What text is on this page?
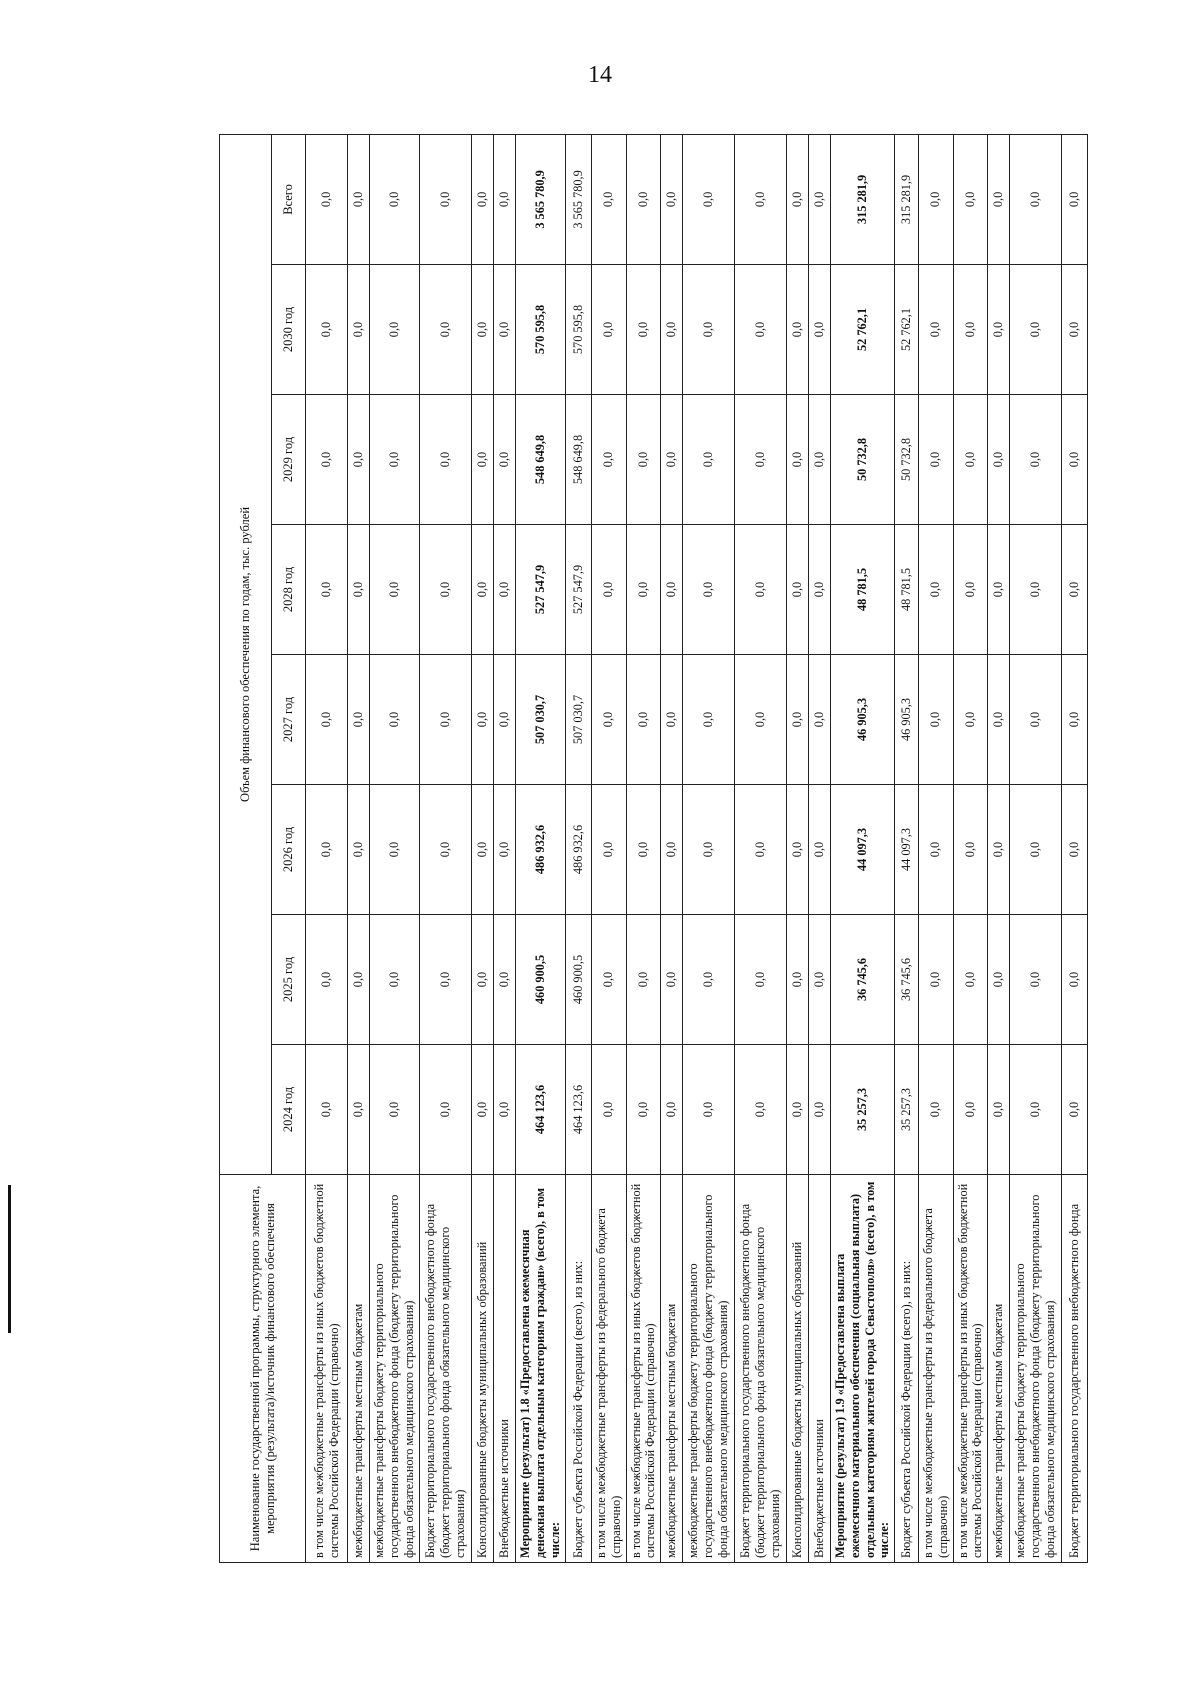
14
Наименование государственной программы, структурного элемента, мероприятия (результата)/источник финансового обеспечения	Объем финансового обеспечения по годам, тыс. рублей							
	2024 год	2025 год	2026 год	2027 год	2028 год	2029 год	2030 год	Всего
в том числе межбюджетные трансферты из иных бюджетов бюджетной системы Российской Федерации (справочно)	0,0	0,0	0,0	0,0	0,0	0,0	0,0	0,0
межбюджетные трансферты местным бюджетам	0,0	0,0	0,0	0,0	0,0	0,0	0,0	0,0
межбюджетные трансферты бюджету территориального государственного внебюджетного фонда (бюджету территориального фонда обязательного медицинского страхования)	0,0	0,0	0,0	0,0	0,0	0,0	0,0	0,0
Бюджет территориального государственного внебюджетного фонда (бюджет территориального фонда обязательного медицинского страхования)	0,0	0,0	0,0	0,0	0,0	0,0	0,0	0,0
Консолидированные бюджеты муниципальных образований	0,0	0,0	0,0	0,0	0,0	0,0	0,0	0,0
Внебюджетные источники	0,0	0,0	0,0	0,0	0,0	0,0	0,0	0,0
Мероприятие (результат) 1.8 «Предоставлена ежемесячная денежная выплата отдельным категориям граждан» (всего), в том числе:	464 123,6	460 900,5	486 932,6	507 030,7	527 547,9	548 649,8	570 595,8	3 565 780,9
Бюджет субъекта Российской Федерации (всего), из них:	464 123,6	460 900,5	486 932,6	507 030,7	527 547,9	548 649,8	570 595,8	3 565 780,9
в том числе межбюджетные трансферты из федерального бюджета (справочно)	0,0	0,0	0,0	0,0	0,0	0,0	0,0	0,0
в том числе межбюджетные трансферты из иных бюджетов бюджетной системы Российской Федерации (справочно)	0,0	0,0	0,0	0,0	0,0	0,0	0,0	0,0
межбюджетные трансферты местным бюджетам	0,0	0,0	0,0	0,0	0,0	0,0	0,0	0,0
межбюджетные трансферты бюджету территориального государственного внебюджетного фонда (бюджету территориального фонда обязательного медицинского страхования)	0,0	0,0	0,0	0,0	0,0	0,0	0,0	0,0
Бюджет территориального государственного внебюджетного фонда (бюджет территориального фонда обязательного медицинского страхования)	0,0	0,0	0,0	0,0	0,0	0,0	0,0	0,0
Консолидированные бюджеты муниципальных образований	0,0	0,0	0,0	0,0	0,0	0,0	0,0	0,0
Внебюджетные источники	0,0	0,0	0,0	0,0	0,0	0,0	0,0	0,0
Мероприятие (результат) 1.9 «Предоставлена выплата ежемесячного материального обеспечения (социальная выплата) отдельным категориям жителей города Севастополя» (всего), в том числе:	35 257,3	36 745,6	44 097,3	46 905,3	48 781,5	50 732,8	52 762,1	315 281,9
Бюджет субъекта Российской Федерации (всего), из них:	35 257,3	36 745,6	44 097,3	46 905,3	48 781,5	50 732,8	52 762,1	315 281,9
в том числе межбюджетные трансферты из федерального бюджета (справочно)	0,0	0,0	0,0	0,0	0,0	0,0	0,0	0,0
в том числе межбюджетные трансферты из иных бюджетов бюджетной системы Российской Федерации (справочно)	0,0	0,0	0,0	0,0	0,0	0,0	0,0	0,0
межбюджетные трансферты местным бюджетам	0,0	0,0	0,0	0,0	0,0	0,0	0,0	0,0
межбюджетные трансферты бюджету территориального государственного внебюджетного фонда (бюджету территориального фонда обязательного медицинского страхования)	0,0	0,0	0,0	0,0	0,0	0,0	0,0	0,0
Бюджет территориального государственного внебюджетного фонда	0,0	0,0	0,0	0,0	0,0	0,0	0,0	0,0
